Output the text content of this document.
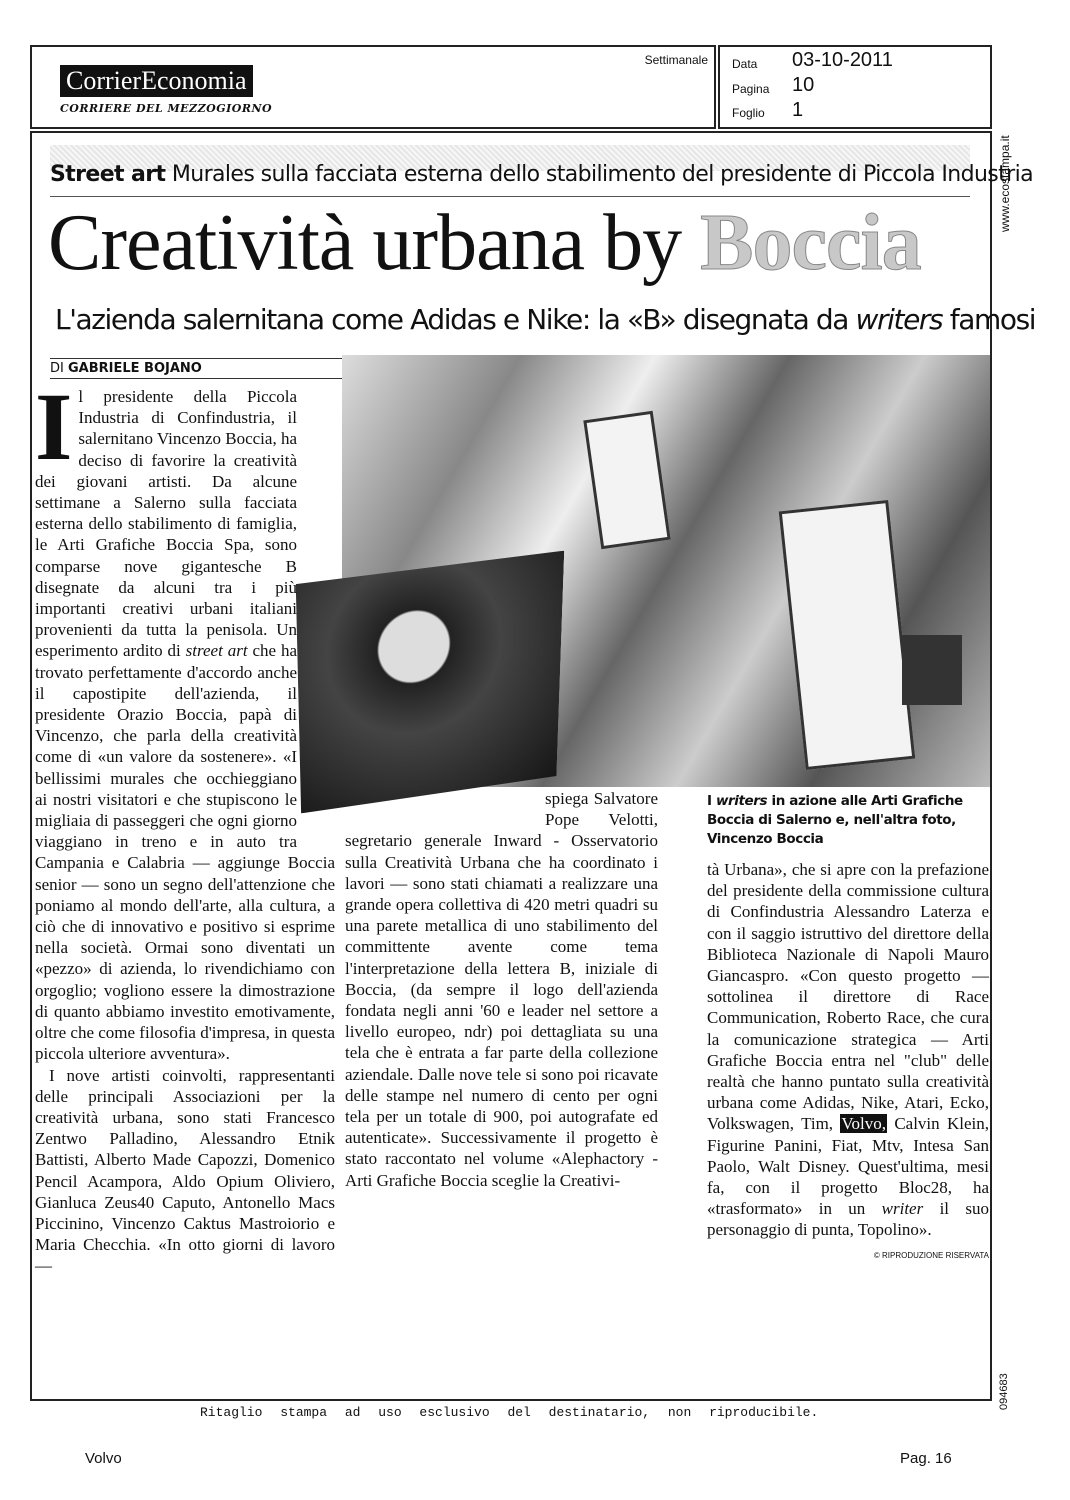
CorrierEconomia
CORRIERE DEL MEZZOGIORNO
Settimanale Data 03-10-2011
Pagina 10
Foglio 1
Street art Murales sulla facciata esterna dello stabilimento del presidente di Piccola Industria
Creatività urbana by Boccia
L'azienda salernitana come Adidas e Nike: la «B» disegnata da writers famosi
DI GABRIELE BOJANO

Il presidente della Piccola Industria di Confindustria, il salernitano Vincenzo Boccia, ha deciso di favorire la creatività dei giovani artisti. Da alcune settimane a Salerno sulla facciata esterna dello stabilimento di famiglia, le Arti Grafiche Boccia Spa, sono comparse nove gigantesche B disegnate da alcuni tra i più importanti creativi urbani italiani provenienti da tutta la penisola. Un esperimento ardito di street art che ha trovato perfettamente d'accordo anche il capostipite dell'azienda, il presidente Orazio Boccia, papà di Vincenzo, che parla della creatività come di «un valore da sostenere». «I bellissimi murales che occhieggiano ai nostri visitatori e che stupiscono le migliaia di passeggeri che ogni giorno viaggiano in treno e in auto tra Campania e Calabria — aggiunge Boccia senior — sono un segno dell'attenzione che poniamo al mondo dell'arte, alla cultura, a ciò che di innovativo e positivo si esprime nella società. Ormai sono diventati un «pezzo» di azienda, lo rivendichiamo con orgoglio; vogliono essere la dimostrazione di quanto abbiamo investito emotivamente, oltre che come filosofia d'impresa, in questa piccola ulteriore avventura».

I nove artisti coinvolti, rappresentanti delle principali Associazioni per la creatività urbana, sono stati Francesco Zentwo Palladino, Alessandro Etnik Battisti, Alberto Made Capozzi, Domenico Pencil Acampora, Aldo Opium Oliviero, Gianluca Zeus40 Caputo, Antonello Macs Piccinino, Vincenzo Caktus Mastroiorio e Maria Checchia. «In otto giorni di lavoro —

spiega Salvatore Pope Velotti, segretario generale Inward - Osservatorio sulla Creatività Urbana che ha coordinato i lavori — sono stati chiamati a realizzare una grande opera collettiva di 420 metri quadri su una parete metallica di uno stabilimento del committente avente come tema l'interpretazione della lettera B, iniziale di Boccia, (da sempre il logo dell'azienda fondata negli anni '60 e leader nel settore a livello europeo, ndr) poi dettagliata su una tela che è entrata a far parte della collezione aziendale. Dalle nove tele si sono poi ricavate delle stampe nel numero di cento per ogni tela per un totale di 900, poi autografate ed autenticate». Successivamente il progetto è stato raccontato nel volume «Alephactory - Arti Grafiche Boccia sceglie la Creativi-
I writers in azione alle Arti Grafiche Boccia di Salerno e, nell'altra foto, Vincenzo Boccia
tà Urbana», che si apre con la prefazione del presidente della commissione cultura di Confindustria Alessandro Laterza e con il saggio istruttivo del direttore della Biblioteca Nazionale di Napoli Mauro Giancaspro. «Con questo progetto — sottolinea il direttore di Race Communication, Roberto Race, che cura la comunicazione strategica — Arti Grafiche Boccia entra nel "club" delle realtà che hanno puntato sulla creatività urbana come Adidas, Nike, Atari, Ecko, Volkswagen, Tim, Volvo, Calvin Klein, Figurine Panini, Fiat, Mtv, Intesa San Paolo, Walt Disney. Quest'ultima, mesi fa, con il progetto Bloc28, ha «trasformato» in un writer il suo personaggio di punta, Topolino».
© RIPRODUZIONE RISERVATA
Ritaglio stampa ad uso esclusivo del destinatario, non riproducibile.
www.ecostampa.it
094683
Volvo	Pag. 16
